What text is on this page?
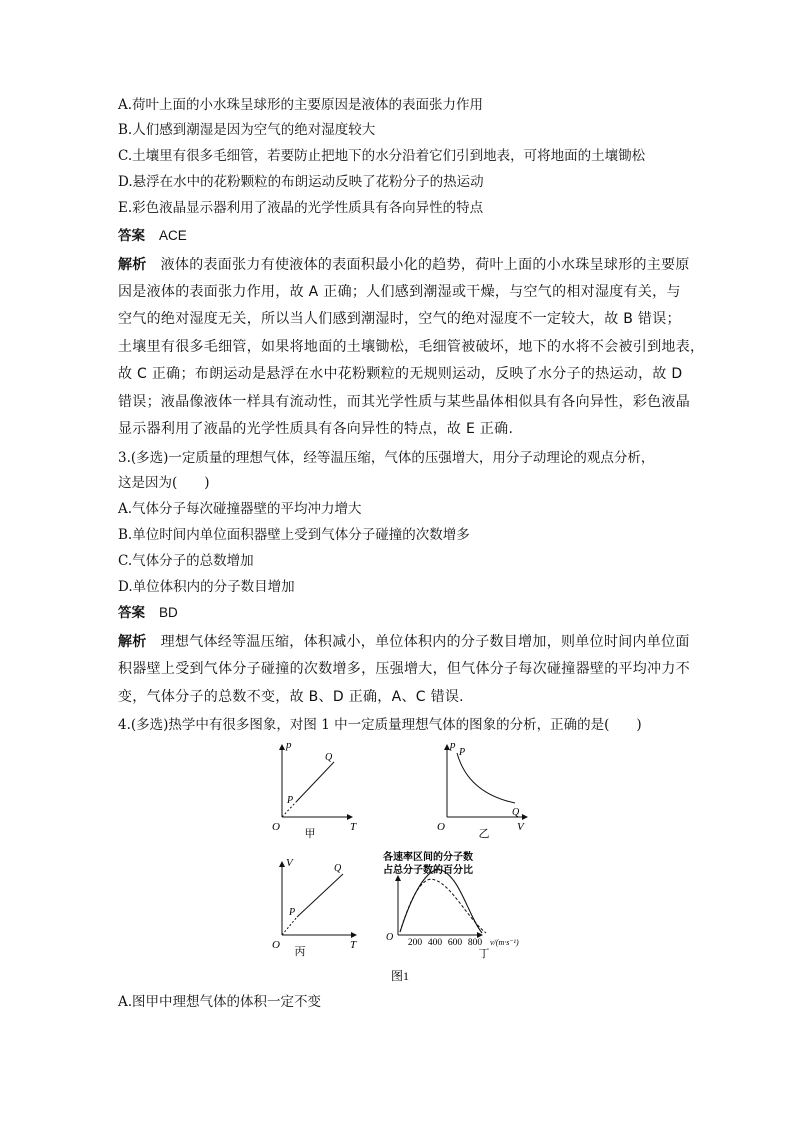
A.荷叶上面的小水珠呈球形的主要原因是液体的表面张力作用
B.人们感到潮湿是因为空气的绝对湿度较大
C.土壤里有很多毛细管，若要防止把地下的水分沿着它们引到地表，可将地面的土壤锄松
D.悬浮在水中的花粉颗粒的布朗运动反映了花粉分子的热运动
E.彩色液晶显示器利用了液晶的光学性质具有各向异性的特点
答案 ACE
解析 液体的表面张力有使液体的表面积最小化的趋势，荷叶上面的小水珠呈球形的主要原
因是液体的表面张力作用，故 A 正确；人们感到潮湿或干燥，与空气的相对湿度有关，与
空气的绝对湿度无关，所以当人们感到潮湿时，空气的绝对湿度不一定较大，故 B 错误；
土壤里有很多毛细管，如果将地面的土壤锄松，毛细管被破坏，地下的水将不会被引到地表，
故 C 正确；布朗运动是悬浮在水中花粉颗粒的无规则运动，反映了水分子的热运动，故 D
错误；液晶像液体一样具有流动性，而其光学性质与某些晶体相似具有各向异性，彩色液晶
显示器利用了液晶的光学性质具有各向异性的特点，故 E 正确.
3.(多选)一定质量的理想气体，经等温压缩，气体的压强增大，用分子动理论的观点分析，
这是因为(　　)
A.气体分子每次碰撞器壁的平均冲力增大
B.单位时间内单位面积器壁上受到气体分子碰撞的次数增多
C.气体分子的总数增加
D.单位体积内的分子数目增加
答案 BD
解析 理想气体经等温压缩，体积减小，单位体积内的分子数目增加，则单位时间内单位面
积器壁上受到气体分子碰撞的次数增多，压强增大，但气体分子每次碰撞器壁的平均冲力不
变，气体分子的总数不变，故 B、D 正确，A、C 错误.
4.(多选)热学中有很多图象，对图 1 中一定质量理想气体的图象的分析，正确的是(　　)
p
T
O
P
Q
甲
p
V
O
P
Q
乙
V
T
O
P
Q
丙
各速率区间的分子数
占总分子数的百分比
O 200 400 600 800 v/(m·s⁻¹)
丁
图1
A.图甲中理想气体的体积一定不变
